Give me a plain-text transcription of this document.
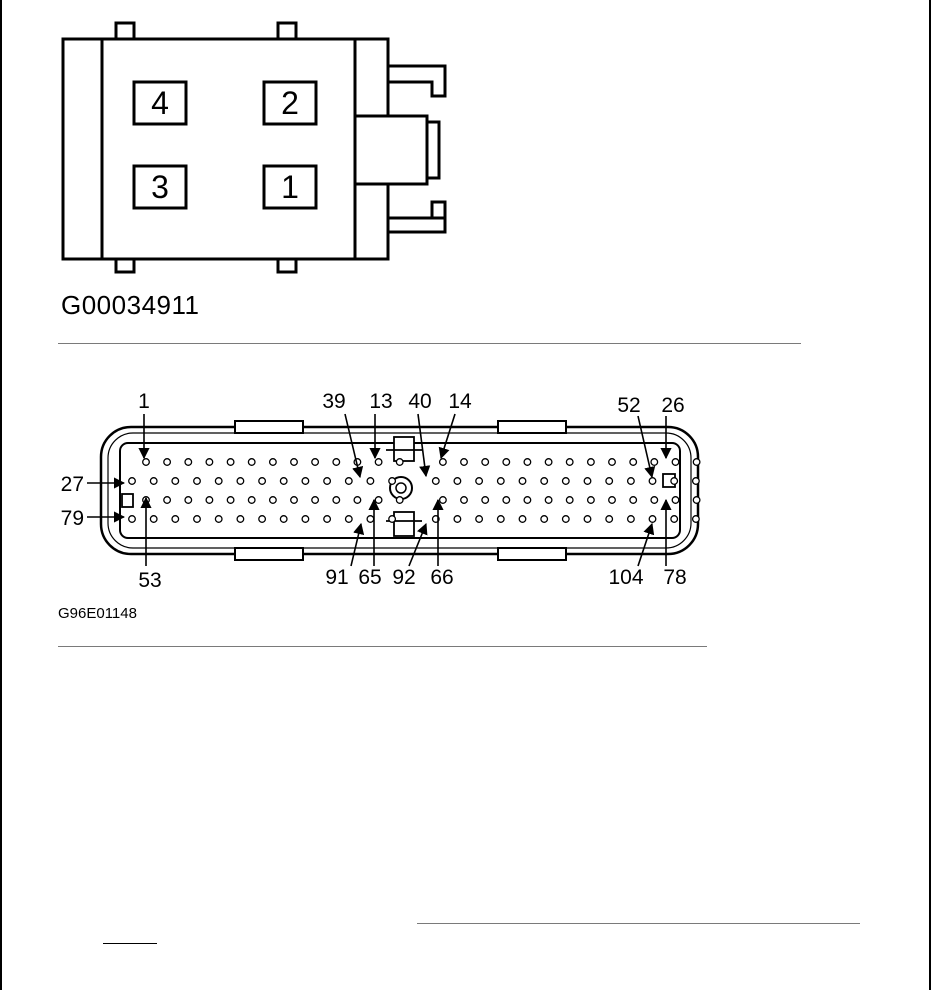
4	2
3	1
G00034911
1	39 13 40 14	52 26
53	91 65 92 66	104 78
27
79
G96E01148
